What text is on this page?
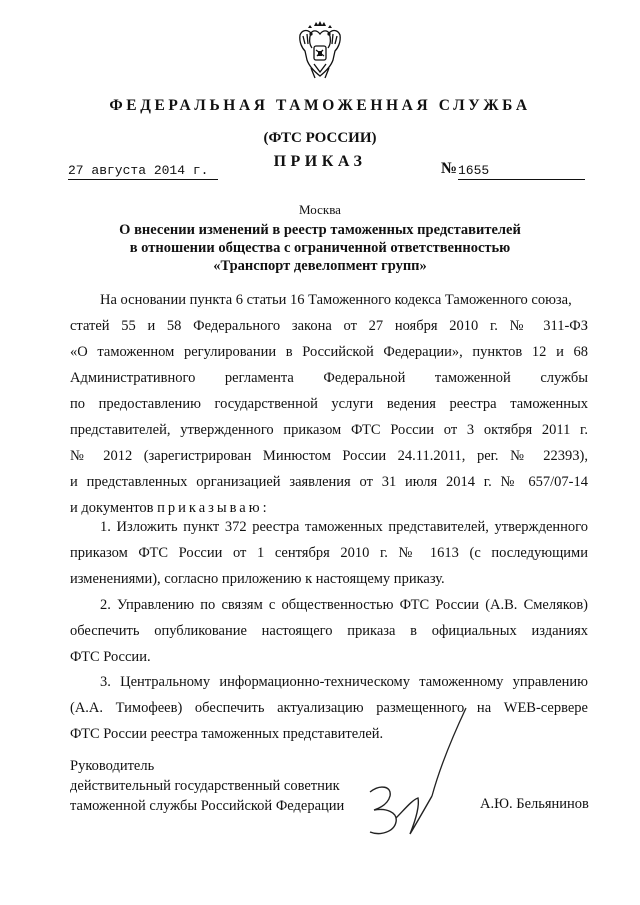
ФЕДЕРАЛЬНАЯ ТАМОЖЕННАЯ СЛУЖБА
(ФТС РОССИИ)
ПРИКАЗ
27 августа 2014 г.	№ 1655
Москва
О внесении изменений в реестр таможенных представителей
в отношении общества с ограниченной ответственностью
«Транспорт девелопмент групп»
На основании пункта 6 статьи 16 Таможенного кодекса Таможенного союза,
статей 55 и 58 Федерального закона от 27 ноября 2010 г. № 311-ФЗ
«О таможенном регулировании в Российской Федерации», пунктов 12 и 68
Административного регламента Федеральной таможенной службы
по предоставлению государственной услуги ведения реестра таможенных
представителей, утвержденного приказом ФТС России от 3 октября 2011 г.
№ 2012 (зарегистрирован Минюстом России 24.11.2011, рег. № 22393),
и представленных организацией заявления от 31 июля 2014 г. № 657/07-14
и документов приказываю:
1. Изложить пункт 372 реестра таможенных представителей, утвержденного
приказом ФТС России от 1 сентября 2010 г. № 1613 (с последующими
изменениями), согласно приложению к настоящему приказу.
2. Управлению по связям с общественностью ФТС России (А.В. Смеляков)
обеспечить опубликование настоящего приказа в официальных изданиях
ФТС России.
3. Центральному информационно-техническому таможенному управлению
(А.А. Тимофеев) обеспечить актуализацию размещенного на WEB-сервере
ФТС России реестра таможенных представителей.
Руководитель
действительный государственный советник
таможенной службы Российской Федерации	А.Ю. Бельянинов
